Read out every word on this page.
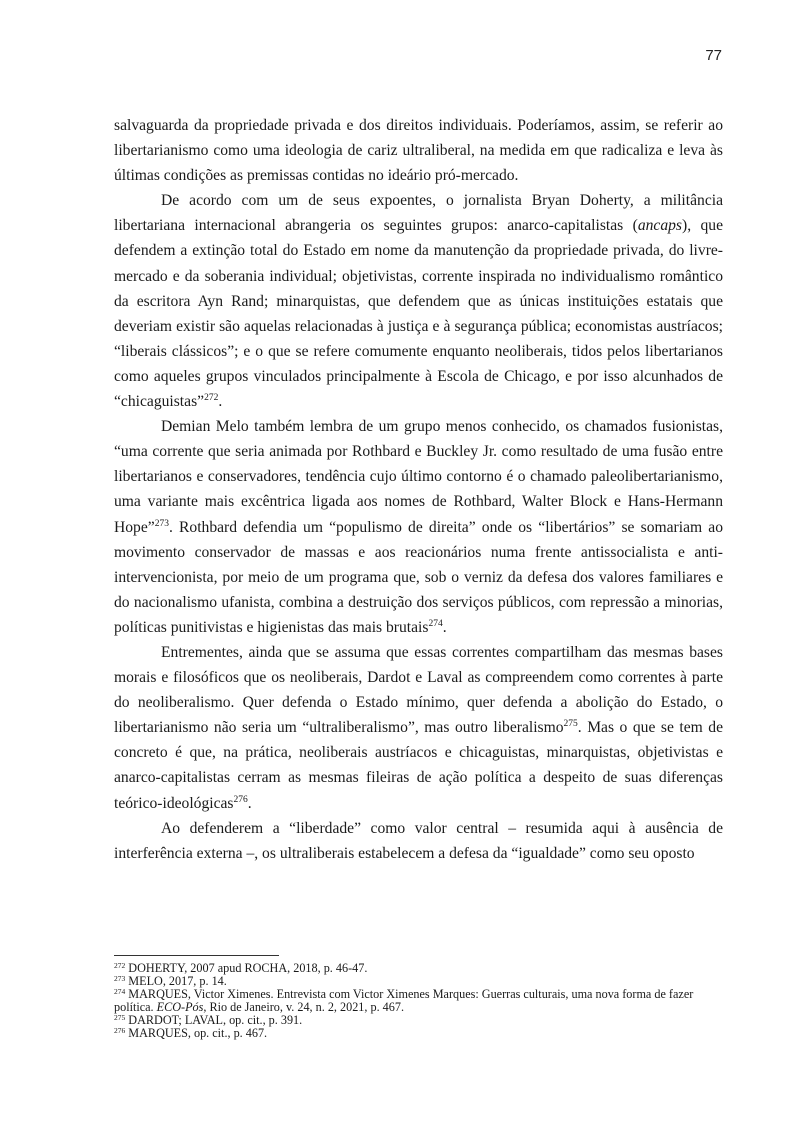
77

salvaguarda da propriedade privada e dos direitos individuais. Poderíamos, assim, se referir ao libertarianismo como uma ideologia de cariz ultraliberal, na medida em que radicaliza e leva às últimas condições as premissas contidas no ideário pró-mercado.

De acordo com um de seus expoentes, o jornalista Bryan Doherty, a militância libertariana internacional abrangeria os seguintes grupos: anarco-capitalistas (ancaps), que defendem a extinção total do Estado em nome da manutenção da propriedade privada, do livre-mercado e da soberania individual; objetivistas, corrente inspirada no individualismo romântico da escritora Ayn Rand; minarquistas, que defendem que as únicas instituições estatais que deveriam existir são aquelas relacionadas à justiça e à segurança pública; economistas austríacos; “liberais clássicos”; e o que se refere comumente enquanto neoliberais, tidos pelos libertarianos como aqueles grupos vinculados principalmente à Escola de Chicago, e por isso alcunhados de “chicaguistas”$^{272}$.

Demian Melo também lembra de um grupo menos conhecido, os chamados fusionistas, “uma corrente que seria animada por Rothbard e Buckley Jr. como resultado de uma fusão entre libertarianos e conservadores, tendência cujo último contorno é o chamado paleolibertarianismo, uma variante mais excêntrica ligada aos nomes de Rothbard, Walter Block e Hans-Hermann Hope”$^{273}$. Rothbard defendia um “populismo de direita” onde os “libertários” se somariam ao movimento conservador de massas e aos reacionários numa frente antissocialista e anti-intervencionista, por meio de um programa que, sob o verniz da defesa dos valores familiares e do nacionalismo ufanista, combina a destruição dos serviços públicos, com repressão a minorias, políticas punitivistas e higienistas das mais brutais$^{274}$.

Entrementes, ainda que se assuma que essas correntes compartilham das mesmas bases morais e filosóficos que os neoliberais, Dardot e Laval as compreendem como correntes à parte do neoliberalismo. Quer defenda o Estado mínimo, quer defenda a abolição do Estado, o libertarianismo não seria um “ultraliberalismo”, mas outro liberalismo$^{275}$. Mas o que se tem de concreto é que, na prática, neoliberais austríacos e chicaguistas, minarquistas, objetivistas e anarco-capitalistas cerram as mesmas fileiras de ação política a despeito de suas diferenças teórico-ideológicas$^{276}$.

Ao defenderem a “liberdade” como valor central – resumida aqui à ausência de interferência externa –, os ultraliberais estabelecem a defesa da “igualdade” como seu oposto

$^{272}$ DOHERTY, 2007 apud ROCHA, 2018, p. 46-47.

$^{273}$ MELO, 2017, p. 14.

$^{274}$ MARQUES, Victor Ximenes. Entrevista com Victor Ximenes Marques: Guerras culturais, uma nova forma de fazer política. ECO-Pós, Rio de Janeiro, v. 24, n. 2, 2021, p. 467.

$^{275}$ DARDOT; LAVAL, op. cit., p. 391.

$^{276}$ MARQUES, op. cit., p. 467.
